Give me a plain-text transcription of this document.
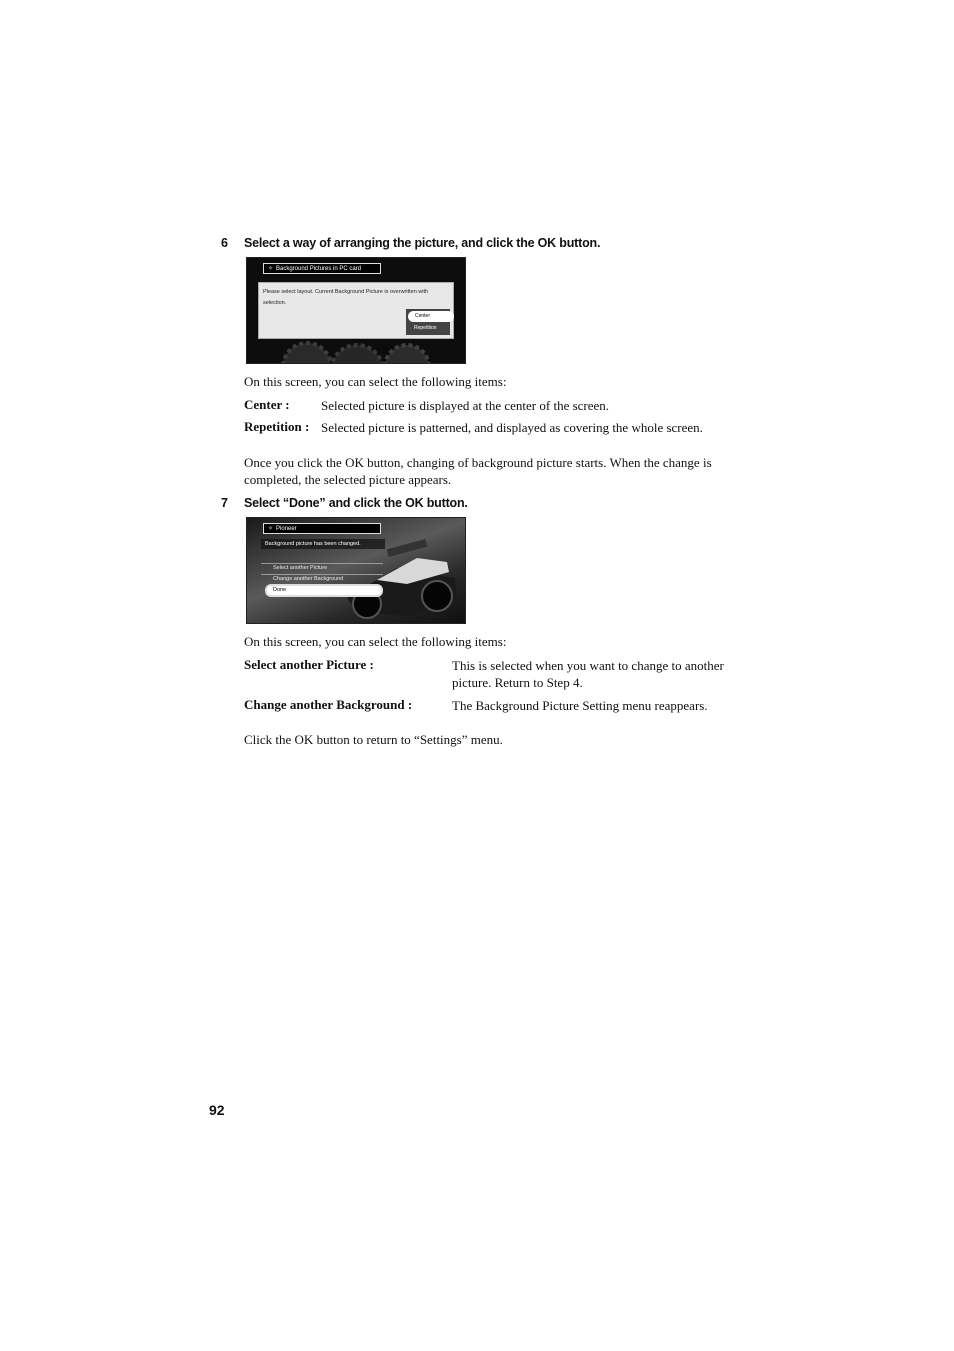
6 Select a way of arranging the picture, and click the OK button.
✧ Background Pictures in PC card
Please select layout. Current Background Picture is overwritten with selection.
Center
Repetition
On this screen, you can select the following items:
Center : Selected picture is displayed at the center of the screen.
Repetition : Selected picture is patterned, and displayed as covering the whole screen.
Once you click the OK button, changing of background picture starts. When the change is completed, the selected picture appears.
7 Select “Done” and click the OK button.
✧ Pioneer
Background picture has been changed.
Select another Picture
Change another Background
Done
On this screen, you can select the following items:
Select another Picture :	This is selected when you want to change to another picture. Return to Step 4.
Change another Background :	The Background Picture Setting menu reappears.
Click the OK button to return to “Settings” menu.
92
